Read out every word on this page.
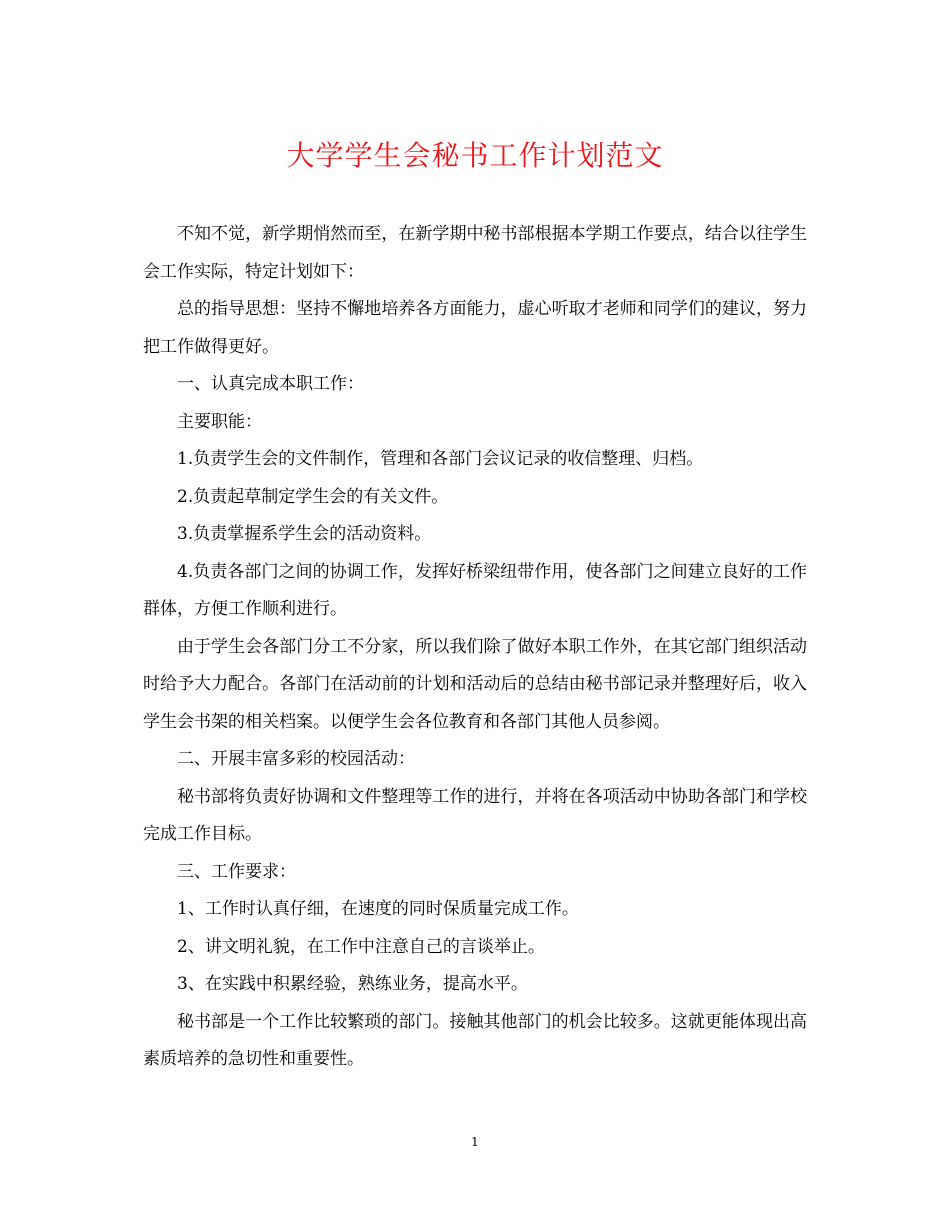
大学学生会秘书工作计划范文

不知不觉，新学期悄然而至，在新学期中秘书部根据本学期工作要点，结合以往学生会工作实际，特定计划如下：

总的指导思想：坚持不懈地培养各方面能力，虚心听取才老师和同学们的建议，努力把工作做得更好。

一、认真完成本职工作：

主要职能：

1.负责学生会的文件制作，管理和各部门会议记录的收信整理、归档。

2.负责起草制定学生会的有关文件。

3.负责掌握系学生会的活动资料。

4.负责各部门之间的协调工作，发挥好桥梁纽带作用，使各部门之间建立良好的工作群体，方便工作顺利进行。

由于学生会各部门分工不分家，所以我们除了做好本职工作外，在其它部门组织活动时给予大力配合。各部门在活动前的计划和活动后的总结由秘书部记录并整理好后，收入学生会书架的相关档案。以便学生会各位教育和各部门其他人员参阅。

二、开展丰富多彩的校园活动：

秘书部将负责好协调和文件整理等工作的进行，并将在各项活动中协助各部门和学校完成工作目标。

三、工作要求：

1、工作时认真仔细，在速度的同时保质量完成工作。

2、讲文明礼貌，在工作中注意自己的言谈举止。

3、在实践中积累经验，熟练业务，提高水平。

秘书部是一个工作比较繁琐的部门。接触其他部门的机会比较多。这就更能体现出高素质培养的急切性和重要性。

1
